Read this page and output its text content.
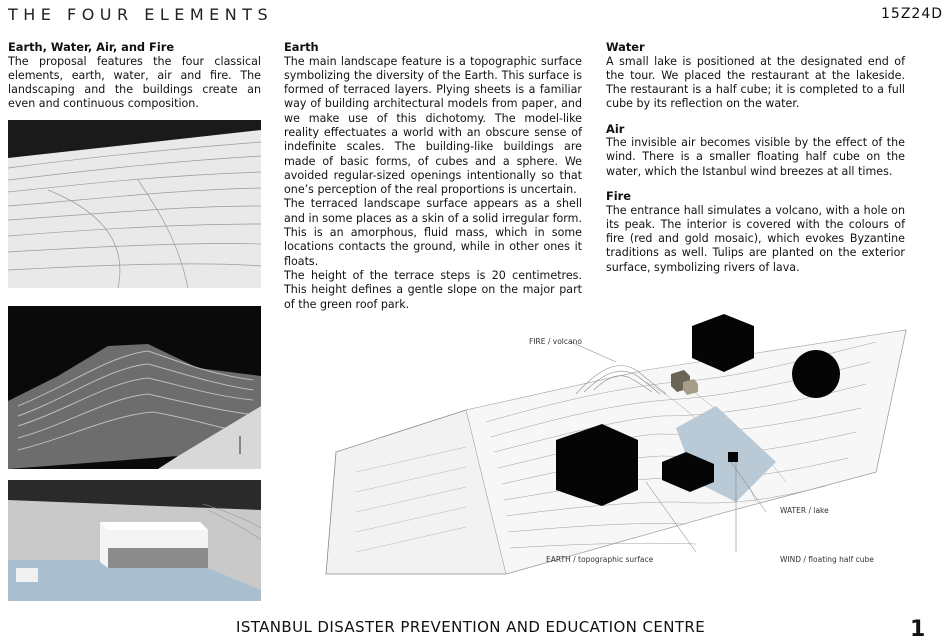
THE FOUR ELEMENTS	15Z24D
Earth, Water, Air, and Fire

The proposal features the four classical elements, earth, water, air and fire. The landscaping and the buildings create an even and continuous composition.

Earth

The main landscape feature is a topographic surface symbolizing the diversity of the Earth. This surface is formed of terraced layers. Plying sheets is a familiar way of building architectural models from paper, and we make use of this dichotomy. The model-like reality effectuates a world with an obscure sense of indefinite scales. The building-like buildings are made of basic forms, of cubes and a sphere. We avoided regular-sized openings intentionally so that one’s perception of the real proportions is uncertain.

The terraced landscape surface appears as a shell and in some places as a skin of a solid irregular form. This is an amorphous, fluid mass, which in some locations contacts the ground, while in other ones it floats.

The height of the terrace steps is 20 centimetres. This height defines a gentle slope on the major part of the green roof park.

Water

A small lake is positioned at the designated end of the tour. We placed the restaurant at the lakeside. The restaurant is a half cube; it is completed to a full cube by its reflection on the water.

Air

The invisible air becomes visible by the effect of the wind. There is a smaller floating half cube on the water, which the Istanbul wind breezes at all times.

Fire

The entrance hall simulates a volcano, with a hole on its peak. The interior is covered with the colours of fire (red and gold mosaic), which evokes Byzantine traditions as well. Tulips are planted on the exterior surface, symbolizing rivers of lava.

FIRE / volcano
WATER / lake
EARTH / topographic surface	WIND / floating half cube
ISTANBUL DISASTER PREVENTION AND EDUCATION CENTRE	1
